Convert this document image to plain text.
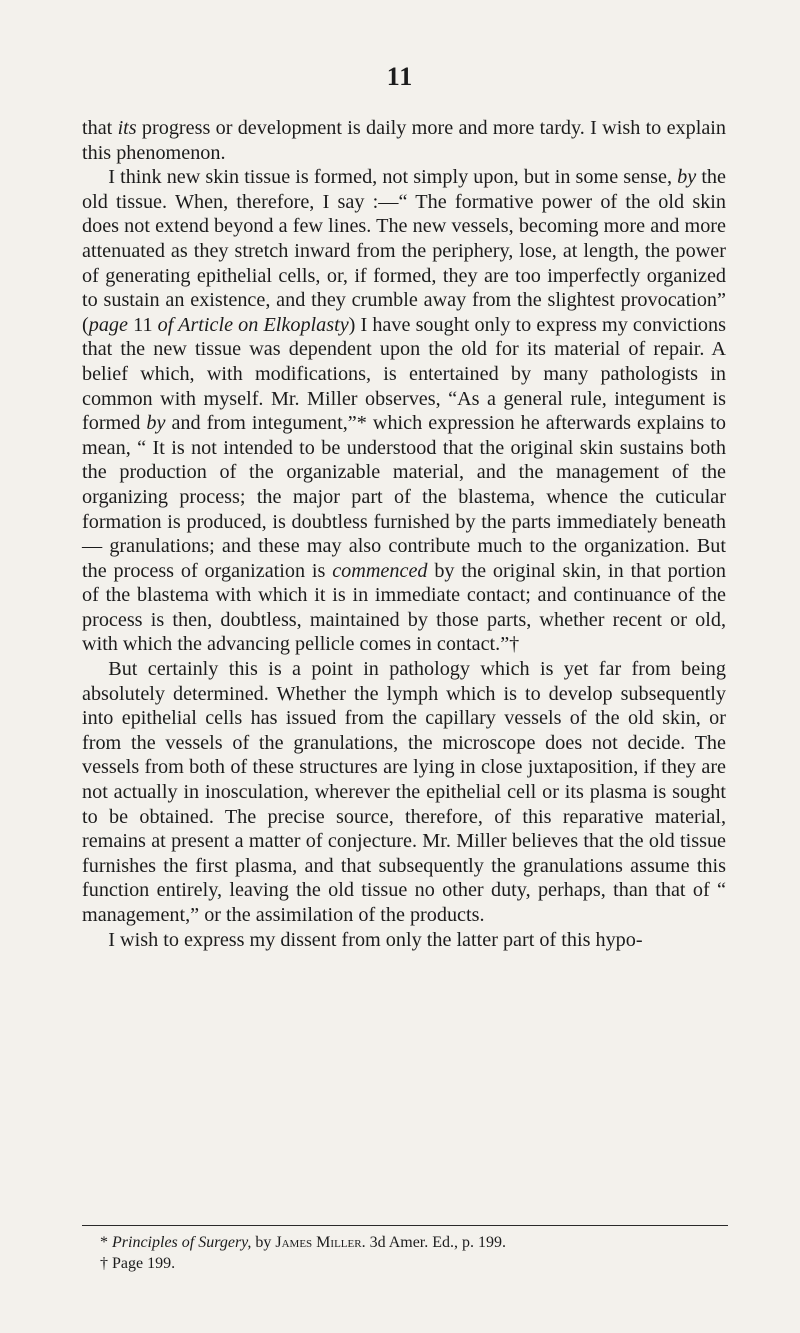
11

that its progress or development is daily more and more tardy. I wish to explain this phenomenon.

I think new skin tissue is formed, not simply upon, but in some sense, by the old tissue. When, therefore, I say :—“ The formative power of the old skin does not extend beyond a few lines. The new vessels, becoming more and more attenuated as they stretch inward from the periphery, lose, at length, the power of generating epithelial cells, or, if formed, they are too imperfectly organized to sustain an existence, and they crumble away from the slightest provocation” (page 11 of Article on Elkoplasty) I have sought only to express my convictions that the new tissue was dependent upon the old for its material of repair. A belief which, with modifications, is entertained by many pathologists in common with myself. Mr. Miller observes, “As a general rule, integument is formed by and from integument,”* which expression he afterwards explains to mean, “ It is not intended to be understood that the original skin sustains both the production of the organizable material, and the management of the organizing process; the major part of the blastema, whence the cuticular formation is produced, is doubtless furnished by the parts immediately beneath— granulations; and these may also contribute much to the organization. But the process of organization is commenced by the original skin, in that portion of the blastema with which it is in immediate contact; and continuance of the process is then, doubtless, maintained by those parts, whether recent or old, with which the advancing pellicle comes in contact.”†

But certainly this is a point in pathology which is yet far from being absolutely determined. Whether the lymph which is to develop subsequently into epithelial cells has issued from the capillary vessels of the old skin, or from the vessels of the granulations, the microscope does not decide. The vessels from both of these structures are lying in close juxtaposition, if they are not actually in inosculation, wherever the epithelial cell or its plasma is sought to be obtained. The precise source, therefore, of this reparative material, remains at present a matter of conjecture. Mr. Miller believes that the old tissue furnishes the first plasma, and that subsequently the granulations assume this function entirely, leaving the old tissue no other duty, perhaps, than that of “ management,” or the assimilation of the products.

I wish to express my dissent from only the latter part of this hypo-

* Principles of Surgery, by James Miller. 3d Amer. Ed., p. 199.
† Page 199.
